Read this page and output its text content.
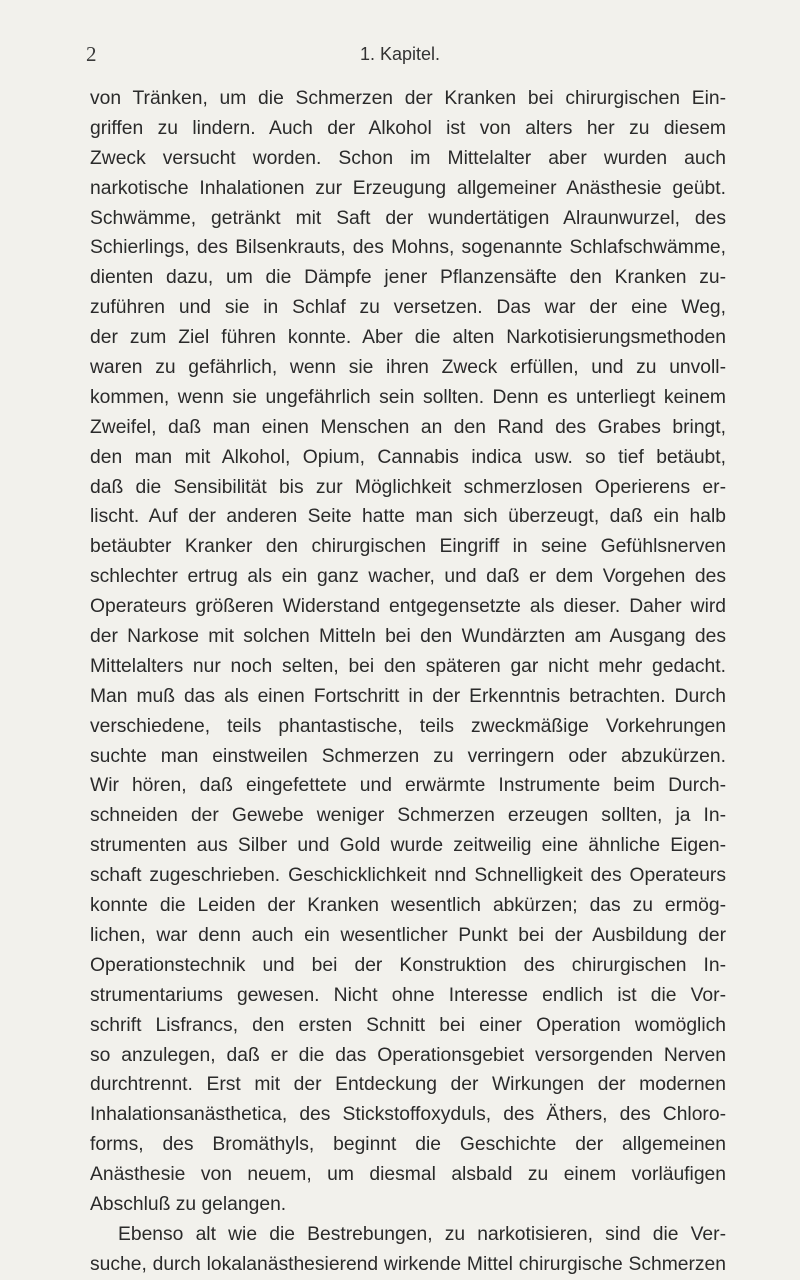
2	1. Kapitel.

von Tränken, um die Schmerzen der Kranken bei chirurgischen Ein-
griffen zu lindern. Auch der Alkohol ist von alters her zu diesem
Zweck versucht worden. Schon im Mittelalter aber wurden auch
narkotische Inhalationen zur Erzeugung allgemeiner Anästhesie geübt.
Schwämme, getränkt mit Saft der wundertätigen Alraunwurzel, des
Schierlings, des Bilsenkrauts, des Mohns, sogenannte Schlafschwämme,
dienten dazu, um die Dämpfe jener Pflanzensäfte den Kranken zu-
zuführen und sie in Schlaf zu versetzen. Das war der eine Weg,
der zum Ziel führen konnte. Aber die alten Narkotisierungsmethoden
waren zu gefährlich, wenn sie ihren Zweck erfüllen, und zu unvoll-
kommen, wenn sie ungefährlich sein sollten. Denn es unterliegt keinem
Zweifel, daß man einen Menschen an den Rand des Grabes bringt,
den man mit Alkohol, Opium, Cannabis indica usw. so tief betäubt,
daß die Sensibilität bis zur Möglichkeit schmerzlosen Operierens er-
lischt. Auf der anderen Seite hatte man sich überzeugt, daß ein halb
betäubter Kranker den chirurgischen Eingriff in seine Gefühlsnerven
schlechter ertrug als ein ganz wacher, und daß er dem Vorgehen des
Operateurs größeren Widerstand entgegensetzte als dieser. Daher wird
der Narkose mit solchen Mitteln bei den Wundärzten am Ausgang des
Mittelalters nur noch selten, bei den späteren gar nicht mehr gedacht.
Man muß das als einen Fortschritt in der Erkenntnis betrachten. Durch
verschiedene, teils phantastische, teils zweckmäßige Vorkehrungen
suchte man einstweilen Schmerzen zu verringern oder abzukürzen.
Wir hören, daß eingefettete und erwärmte Instrumente beim Durch-
schneiden der Gewebe weniger Schmerzen erzeugen sollten, ja In-
strumenten aus Silber und Gold wurde zeitweilig eine ähnliche Eigen-
schaft zugeschrieben. Geschicklichkeit nnd Schnelligkeit des Operateurs
konnte die Leiden der Kranken wesentlich abkürzen; das zu ermög-
lichen, war denn auch ein wesentlicher Punkt bei der Ausbildung der
Operationstechnik und bei der Konstruktion des chirurgischen In-
strumentariums gewesen. Nicht ohne Interesse endlich ist die Vor-
schrift Lisfrancs, den ersten Schnitt bei einer Operation womöglich
so anzulegen, daß er die das Operationsgebiet versorgenden Nerven
durchtrennt. Erst mit der Entdeckung der Wirkungen der modernen
Inhalationsanästhetica, des Stickstoffoxyduls, des Äthers, des Chloro-
forms, des Bromäthyls, beginnt die Geschichte der allgemeinen
Anästhesie von neuem, um diesmal alsbald zu einem vorläufigen
Abschluß zu gelangen.
Ebenso alt wie die Bestrebungen, zu narkotisieren, sind die Ver-
suche, durch lokalanästhesierend wirkende Mittel chirurgische Schmerzen
